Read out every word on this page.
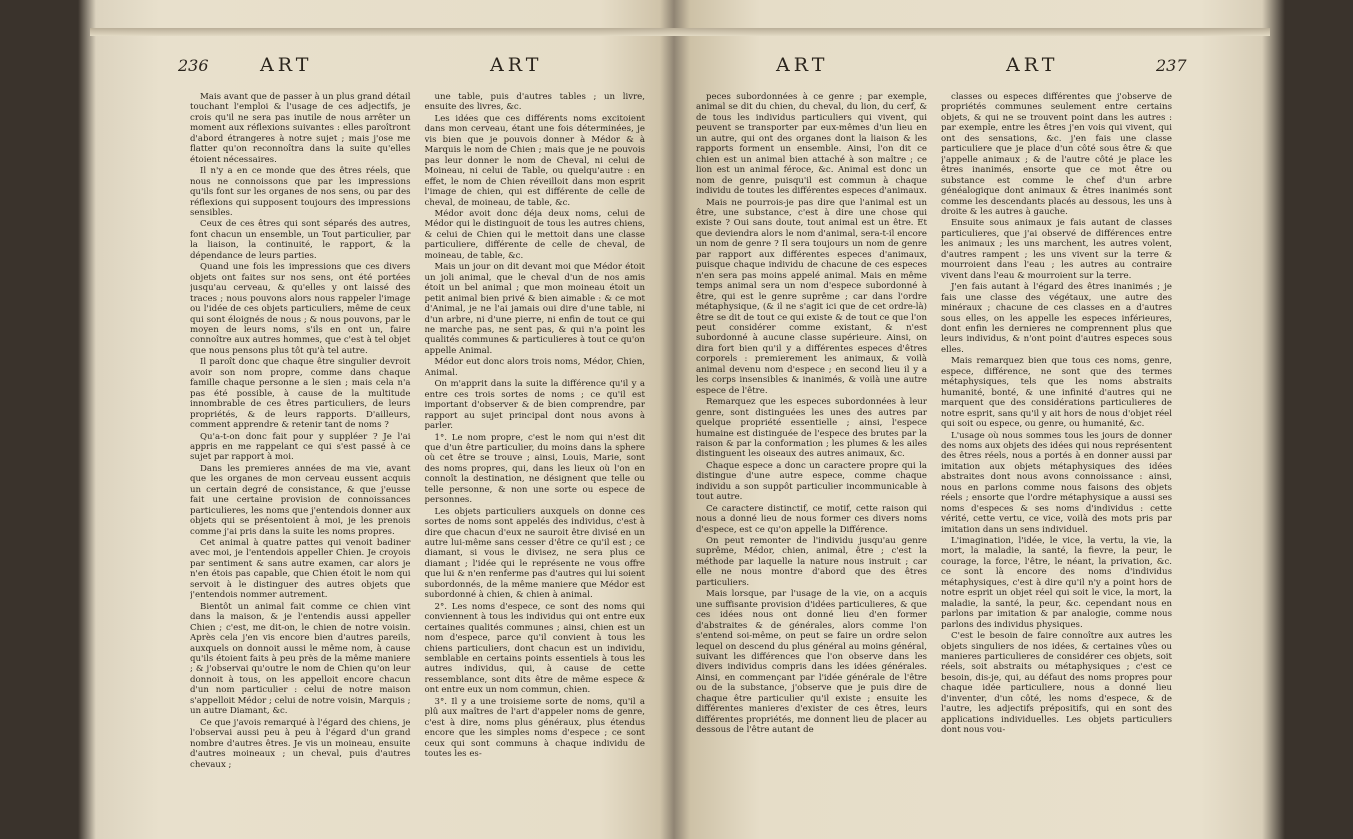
236	ART	ART

Mais avant que de passer à un plus grand détail touchant l'emploi & l'usage de ces adjectifs, je crois qu'il ne sera pas inutile de nous arrêter un moment aux réflexions suivantes : elles paroîtront d'abord étrangeres à notre sujet ; mais j'ose me flatter qu'on reconnoîtra dans la suite qu'elles étoient nécessaires.

Il n'y a en ce monde que des êtres réels, que nous ne connoissons que par les impressions qu'ils font sur les organes de nos sens, ou par des réflexions qui supposent toujours des impressions sensibles.

Ceux de ces êtres qui sont séparés des autres, font chacun un ensemble, un Tout particulier, par la liaison, la continuité, le rapport, & la dépendance de leurs parties.

Quand une fois les impressions que ces divers objets ont faites sur nos sens, ont été portées jusqu'au cerveau, & qu'elles y ont laissé des traces ; nous pouvons alors nous rappeler l'image ou l'idée de ces objets particuliers, même de ceux qui sont éloignés de nous ; & nous pouvons, par le moyen de leurs noms, s'ils en ont un, faire connoître aux autres hommes, que c'est à tel objet que nous pensons plus tôt qu'à tel autre.

Il paroît donc que chaque être singulier devroit avoir son nom propre, comme dans chaque famille chaque personne a le sien ; mais cela n'a pas été possible, à cause de la multitude innombrable de ces êtres particuliers, de leurs propriétés, & de leurs rapports. D'ailleurs, comment apprendre & retenir tant de noms ?

Qu'a-t-on donc fait pour y suppléer ? Je l'ai appris en me rappelant ce qui s'est passé à ce sujet par rapport à moi.

Dans les premieres années de ma vie, avant que les organes de mon cerveau eussent acquis un certain degré de consistance, & que j'eusse fait une certaine provision de connoissances particulieres, les noms que j'entendois donner aux objets qui se présentoient à moi, je les prenois comme j'ai pris dans la suite les noms propres.

Cet animal à quatre pattes qui venoit badiner avec moi, je l'entendois appeller Chien. Je croyois par sentiment & sans autre examen, car alors je n'en étois pas capable, que Chien étoit le nom qui servoit à le distinguer des autres objets que j'entendois nommer autrement.

Bientôt un animal fait comme ce chien vint dans la maison, & je l'entendis aussi appeller Chien ; c'est, me dit-on, le chien de notre voisin. Après cela j'en vis encore bien d'autres pareils, auxquels on donnoit aussi le même nom, à cause qu'ils étoient faits à peu près de la même maniere ; & j'observai qu'outre le nom de Chien qu'on leur donnoit à tous, on les appelloit encore chacun d'un nom particulier : celui de notre maison s'appelloit Médor ; celui de notre voisin, Marquis ; un autre Diamant, &c.

Ce que j'avois remarqué à l'égard des chiens, je l'observai aussi peu à peu à l'égard d'un grand nombre d'autres êtres. Je vis un moineau, ensuite d'autres moineaux ; un cheval, puis d'autres chevaux ;

une table, puis d'autres tables ; un livre, ensuite des livres, &c.

Les idées que ces différents noms excitoient dans mon cerveau, étant une fois déterminées, je vis bien que je pouvois donner à Médor & à Marquis le nom de Chien ; mais que je ne pouvois pas leur donner le nom de Cheval, ni celui de Moineau, ni celui de Table, ou quelqu'autre : en effet, le nom de Chien réveilloit dans mon esprit l'image de chien, qui est différente de celle de cheval, de moineau, de table, &c.

Médor avoit donc déja deux noms, celui de Médor qui le distinguoit de tous les autres chiens, & celui de Chien qui le mettoit dans une classe particuliere, différente de celle de cheval, de moineau, de table, &c.

Mais un jour on dit devant moi que Médor étoit un joli animal, que le cheval d'un de nos amis étoit un bel animal ; que mon moineau étoit un petit animal bien privé & bien aimable : & ce mot d'Animal, je ne l'ai jamais oui dire d'une table, ni d'un arbre, ni d'une pierre, ni enfin de tout ce qui ne marche pas, ne sent pas, & qui n'a point les qualités communes & particulieres à tout ce qu'on appelle Animal.

Médor eut donc alors trois noms, Médor, Chien, Animal.

On m'apprit dans la suite la différence qu'il y a entre ces trois sortes de noms ; ce qu'il est important d'observer & de bien comprendre, par rapport au sujet principal dont nous avons à parler.

1°. Le nom propre, c'est le nom qui n'est dit que d'un être particulier, du moins dans la sphere où cet être se trouve ; ainsi, Louis, Marie, sont des noms propres, qui, dans les lieux où l'on en connoît la destination, ne désignent que telle ou telle personne, & non une sorte ou espece de personnes.

Les objets particuliers auxquels on donne ces sortes de noms sont appelés des individus, c'est à dire que chacun d'eux ne sauroit être divisé en un autre lui-même sans cesser d'être ce qu'il est ; ce diamant, si vous le divisez, ne sera plus ce diamant ; l'idée qui le représente ne vous offre que lui & n'en renferme pas d'autres qui lui soient subordonnés, de la même maniere que Médor est subordonné à chien, & chien à animal.

2°. Les noms d'espece, ce sont des noms qui conviennent à tous les individus qui ont entre eux certaines qualités communes ; ainsi, chien est un nom d'espece, parce qu'il convient à tous les chiens particuliers, dont chacun est un individu, semblable en certains points essentiels à tous les autres individus, qui, à cause de cette ressemblance, sont dits être de même espece & ont entre eux un nom commun, chien.

3°. Il y a une troisieme sorte de noms, qu'il a plû aux maîtres de l'art d'appeler noms de genre, c'est à dire, noms plus généraux, plus étendus encore que les simples noms d'espece ; ce sont ceux qui sont communs à chaque individu de toutes les es-

ART	ART	237

peces subordonnées à ce genre ; par exemple, animal se dit du chien, du cheval, du lion, du cerf, & de tous les individus particuliers qui vivent, qui peuvent se transporter par eux-mêmes d'un lieu en un autre, qui ont des organes dont la liaison & les rapports forment un ensemble. Ainsi, l'on dit ce chien est un animal bien attaché à son maître ; ce lion est un animal féroce, &c. Animal est donc un nom de genre, puisqu'il est commun à chaque individu de toutes les différentes especes d'animaux.

Mais ne pourrois-je pas dire que l'animal est un être, une substance, c'est à dire une chose qui existe ? Oui sans doute, tout animal est un être. Et que deviendra alors le nom d'animal, sera-t-il encore un nom de genre ? Il sera toujours un nom de genre par rapport aux différentes especes d'animaux, puisque chaque individu de chacune de ces especes n'en sera pas moins appelé animal. Mais en même temps animal sera un nom d'espece subordonné à être, qui est le genre suprême ; car dans l'ordre métaphysique, (& il ne s'agit ici que de cet ordre-là) être se dit de tout ce qui existe & de tout ce que l'on peut considérer comme existant, & n'est subordonné à aucune classe supérieure. Ainsi, on dira fort bien qu'il y a différentes especes d'êtres corporels : premierement les animaux, & voilà animal devenu nom d'espece ; en second lieu il y a les corps insensibles & inanimés, & voilà une autre espece de l'être.

Remarquez que les especes subordonnées à leur genre, sont distinguées les unes des autres par quelque propriété essentielle ; ainsi, l'espece humaine est distinguée de l'espece des brutes par la raison & par la conformation ; les plumes & les ailes distinguent les oiseaux des autres animaux, &c.

Chaque espece a donc un caractere propre qui la distingue d'une autre espece, comme chaque individu a son suppôt particulier incommunicable à tout autre.

Ce caractere distinctif, ce motif, cette raison qui nous a donné lieu de nous former ces divers noms d'espece, est ce qu'on appelle la Différence.

On peut remonter de l'individu jusqu'au genre suprême, Médor, chien, animal, être ; c'est la méthode par laquelle la nature nous instruit ; car elle ne nous montre d'abord que des êtres particuliers.

Mais lorsque, par l'usage de la vie, on a acquis une suffisante provision d'idées particulieres, & que ces idées nous ont donné lieu d'en former d'abstraites & de générales, alors comme l'on s'entend soi-même, on peut se faire un ordre selon lequel on descend du plus général au moins général, suivant les différences que l'on observe dans les divers individus compris dans les idées générales. Ainsi, en commençant par l'idée générale de l'être ou de la substance, j'observe que je puis dire de chaque être particulier qu'il existe ; ensuite les différentes manieres d'exister de ces êtres, leurs différentes propriétés, me donnent lieu de placer au dessous de l'être autant de

classes ou especes différentes que j'observe de propriétés communes seulement entre certains objets, & qui ne se trouvent point dans les autres : par exemple, entre les êtres j'en vois qui vivent, qui ont des sensations, &c. j'en fais une classe particuliere que je place d'un côté sous être & que j'appelle animaux ; & de l'autre côté je place les êtres inanimés, ensorte que ce mot être ou substance est comme le chef d'un arbre généalogique dont animaux & êtres inanimés sont comme les descendants placés au dessous, les uns à droite & les autres à gauche.

Ensuite sous animaux je fais autant de classes particulieres, que j'ai observé de différences entre les animaux ; les uns marchent, les autres volent, d'autres rampent ; les uns vivent sur la terre & mourroient dans l'eau ; les autres au contraire vivent dans l'eau & mourroient sur la terre.

J'en fais autant à l'égard des êtres inanimés ; je fais une classe des végétaux, une autre des minéraux ; chacune de ces classes en a d'autres sous elles, on les appelle les especes inférieures, dont enfin les dernieres ne comprennent plus que leurs individus, & n'ont point d'autres especes sous elles.

Mais remarquez bien que tous ces noms, genre, espece, différence, ne sont que des termes métaphysiques, tels que les noms abstraits humanité, bonté, & une infinité d'autres qui ne marquent que des considérations particulieres de notre esprit, sans qu'il y ait hors de nous d'objet réel qui soit ou espece, ou genre, ou humanité, &c.

L'usage où nous sommes tous les jours de donner des noms aux objets des idées qui nous représentent des êtres réels, nous a portés à en donner aussi par imitation aux objets métaphysiques des idées abstraites dont nous avons connoissance : ainsi, nous en parlons comme nous faisons des objets réels ; ensorte que l'ordre métaphysique a aussi ses noms d'especes & ses noms d'individus : cette vérité, cette vertu, ce vice, voilà des mots pris par imitation dans un sens individuel.

L'imagination, l'idée, le vice, la vertu, la vie, la mort, la maladie, la santé, la fievre, la peur, le courage, la force, l'être, le néant, la privation, &c. ce sont là encore des noms d'individus métaphysiques, c'est à dire qu'il n'y a point hors de notre esprit un objet réel qui soit le vice, la mort, la maladie, la santé, la peur, &c. cependant nous en parlons par imitation & par analogie, comme nous parlons des individus physiques.

C'est le besoin de faire connoître aux autres les objets singuliers de nos idées, & certaines vûes ou manieres particulieres de considérer ces objets, soit réels, soit abstraits ou métaphysiques ; c'est ce besoin, dis-je, qui, au défaut des noms propres pour chaque idée particuliere, nous a donné lieu d'inventer, d'un côté, les noms d'espece, & de l'autre, les adjectifs prépositifs, qui en sont des applications individuelles. Les objets particuliers dont nous vou-
